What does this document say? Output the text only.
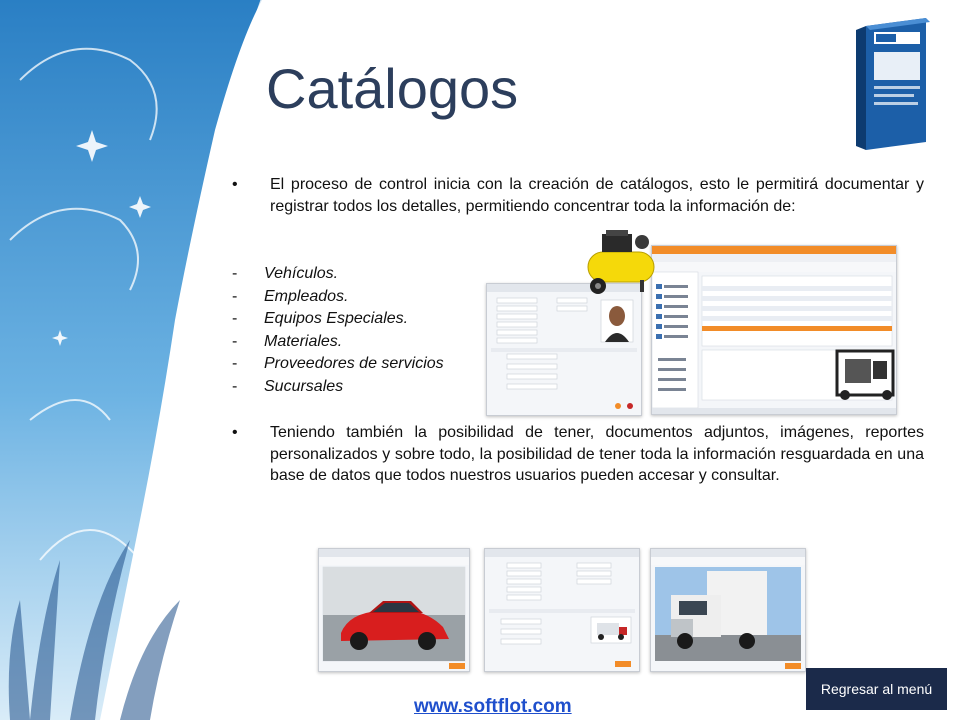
Catálogos
• El proceso de control inicia con la creación de catálogos, esto le permitirá documentar y registrar todos los detalles, permitiendo concentrar toda la información de:
- Vehículos.
- Empleados.
- Equipos Especiales.
- Materiales.
- Proveedores de servicios
- Sucursales
• Teniendo también la posibilidad de tener, documentos adjuntos, imágenes, reportes personalizados y sobre todo, la posibilidad de tener toda la información resguardada en una base de datos que todos nuestros usuarios pueden accesar y consultar.
www.softflot.com
Regresar al menú
